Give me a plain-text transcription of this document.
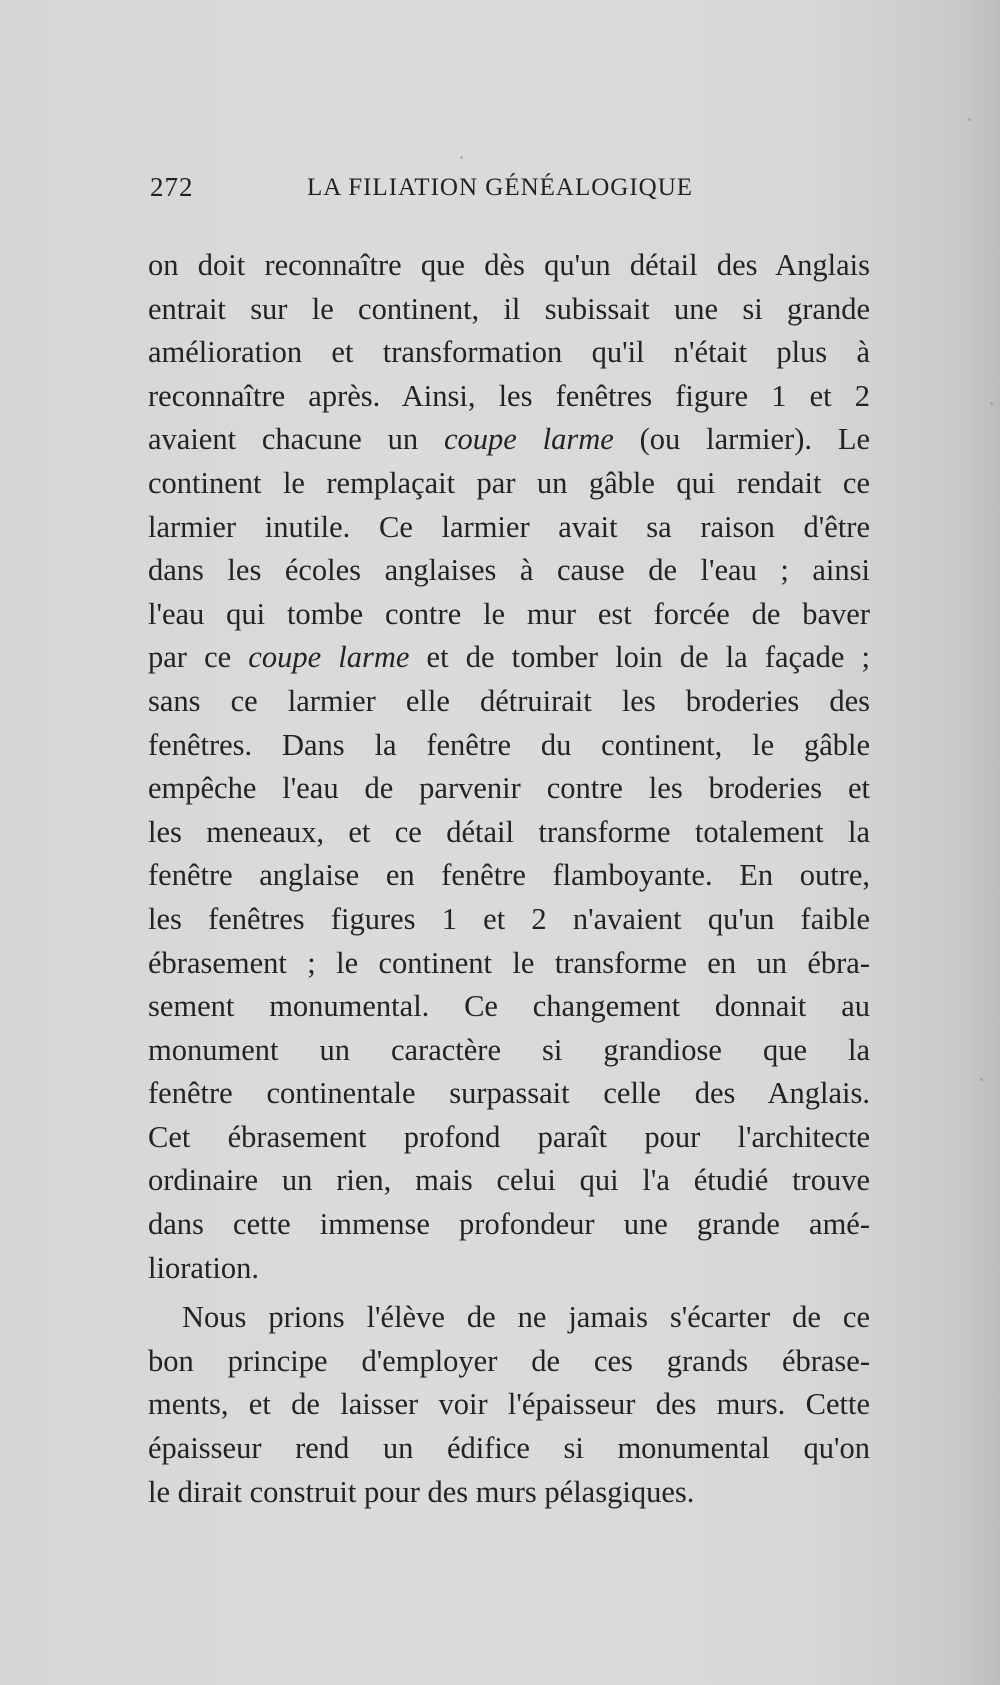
272	LA FILIATION GÉNÉALOGIQUE
on doit reconnaître que dès qu'un détail des Anglais
entrait sur le continent, il subissait une si grande
amélioration et transformation qu'il n'était plus à
reconnaître après. Ainsi, les fenêtres figure 1 et 2
avaient chacune un coupe larme (ou larmier). Le
continent le remplaçait par un gâble qui rendait ce
larmier inutile. Ce larmier avait sa raison d'être
dans les écoles anglaises à cause de l'eau ; ainsi
l'eau qui tombe contre le mur est forcée de baver
par ce coupe larme et de tomber loin de la façade ;
sans ce larmier elle détruirait les broderies des
fenêtres. Dans la fenêtre du continent, le gâble
empêche l'eau de parvenir contre les broderies et
les meneaux, et ce détail transforme totalement la
fenêtre anglaise en fenêtre flamboyante. En outre,
les fenêtres figures 1 et 2 n'avaient qu'un faible
ébrasement ; le continent le transforme en un ébra-
sement monumental. Ce changement donnait au
monument un caractère si grandiose que la
fenêtre continentale surpassait celle des Anglais.
Cet ébrasement profond paraît pour l'architecte
ordinaire un rien, mais celui qui l'a étudié trouve
dans cette immense profondeur une grande amé-
lioration.
Nous prions l'élève de ne jamais s'écarter de ce
bon principe d'employer de ces grands ébrase-
ments, et de laisser voir l'épaisseur des murs. Cette
épaisseur rend un édifice si monumental qu'on
le dirait construit pour des murs pélasgiques.
